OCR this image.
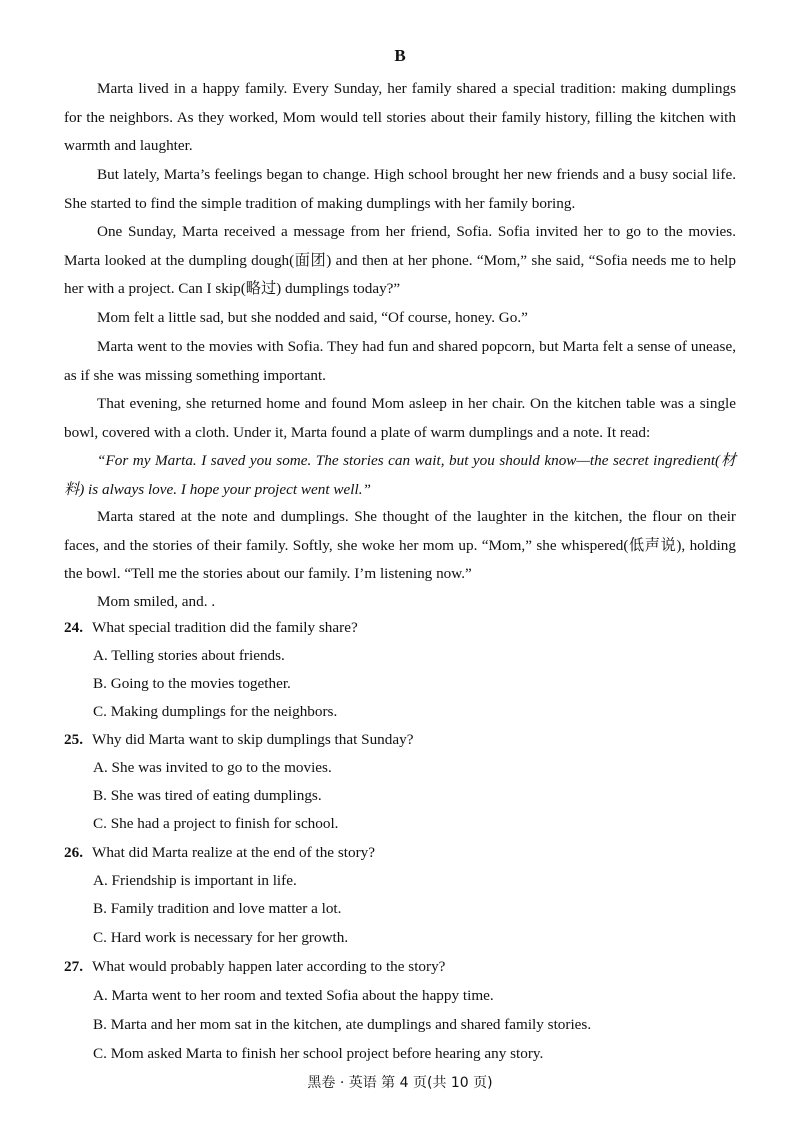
B

Marta lived in a happy family. Every Sunday, her family shared a special tradition: making dumplings for the neighbors. As they worked, Mom would tell stories about their family history, filling the kitchen with warmth and laughter.

But lately, Marta’s feelings began to change. High school brought her new friends and a busy social life. She started to find the simple tradition of making dumplings with her family boring.

One Sunday, Marta received a message from her friend, Sofia. Sofia invited her to go to the movies. Marta looked at the dumpling dough(面团) and then at her phone. “Mom,” she said, “Sofia needs me to help her with a project. Can I skip(略过) dumplings today?”

Mom felt a little sad, but she nodded and said, “Of course, honey. Go.”

Marta went to the movies with Sofia. They had fun and shared popcorn, but Marta felt a sense of unease, as if she was missing something important.

That evening, she returned home and found Mom asleep in her chair. On the kitchen table was a single bowl, covered with a cloth. Under it, Marta found a plate of warm dumplings and a note. It read:

“For my Marta. I saved you some. The stories can wait, but you should know—the secret ingredient(材料) is always love. I hope your project went well.”

Marta stared at the note and dumplings. She thought of the laughter in the kitchen, the flour on their faces, and the stories of their family. Softly, she woke her mom up. “Mom,” she whispered(低声说), holding the bowl. “Tell me the stories about our family. I’m listening now.”

Mom smiled, and. .

24. What special tradition did the family share?
A. Telling stories about friends.
B. Going to the movies together.
C. Making dumplings for the neighbors.
25. Why did Marta want to skip dumplings that Sunday?
A. She was invited to go to the movies.
B. She was tired of eating dumplings.
C. She had a project to finish for school.
26. What did Marta realize at the end of the story?
A. Friendship is important in life.
B. Family tradition and love matter a lot.
C. Hard work is necessary for her growth.
27. What would probably happen later according to the story?
A. Marta went to her room and texted Sofia about the happy time.
B. Marta and her mom sat in the kitchen, ate dumplings and shared family stories.
C. Mom asked Marta to finish her school project before hearing any story.
黑卷 · 英语 第 4 页(共 10 页)
